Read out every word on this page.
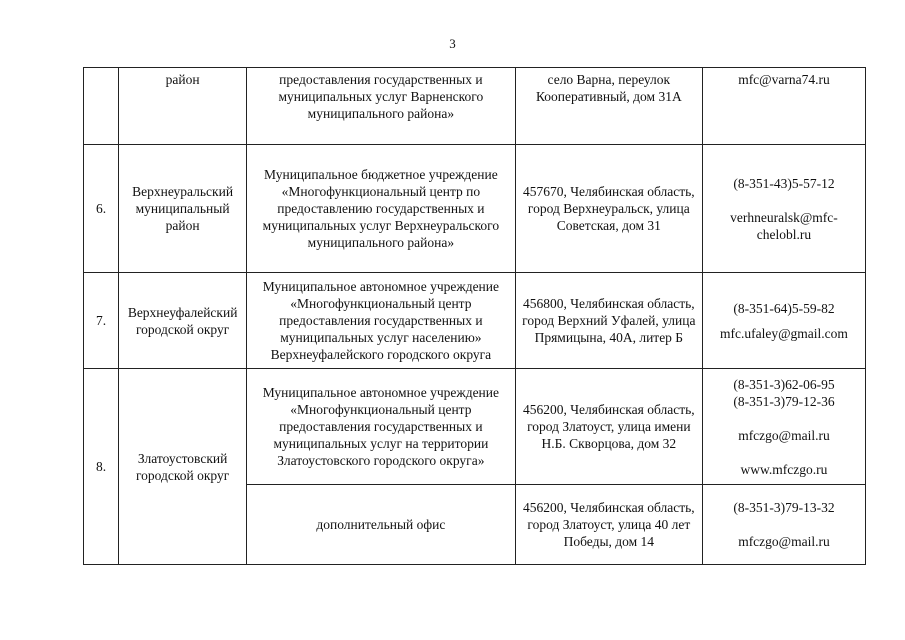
3
	район	предоставления государственных и муниципальных услуг Варненского муниципального района»	село Варна, переулок Кооперативный, дом 31А	mfc@varna74.ru

6.	Верхнеуральский муниципальный район	Муниципальное бюджетное учреждение «Многофункциональный центр по предоставлению государственных и муниципальных услуг Верхнеуральского муниципального района»	457670, Челябинская область, город Верхнеуральск, улица Советская, дом 31	(8-351-43)5-57-12
verhneuralsk@mfc-chelobl.ru

7.	Верхнеуфалейский городской округ	Муниципальное автономное учреждение «Многофункциональный центр предоставления государственных и муниципальных услуг населению» Верхнеуфалейского городского округа	456800, Челябинская область, город Верхний Уфалей, улица Прямицына, 40А, литер Б	(8-351-64)5-59-82
mfc.ufaley@gmail.com

8.	Златоустовский городской округ	Муниципальное автономное учреждение «Многофункциональный центр предоставления государственных и муниципальных услуг на территории Златоустовского городского округа»	456200, Челябинская область, город Златоуст, улица имени Н.Б. Скворцова, дом 32	(8-351-3)62-06-95
(8-351-3)79-12-36
mfczgo@mail.ru
www.mfczgo.ru

		дополнительный офис	456200, Челябинская область, город Златоуст, улица 40 лет Победы, дом 14	(8-351-3)79-13-32
mfczgo@mail.ru
